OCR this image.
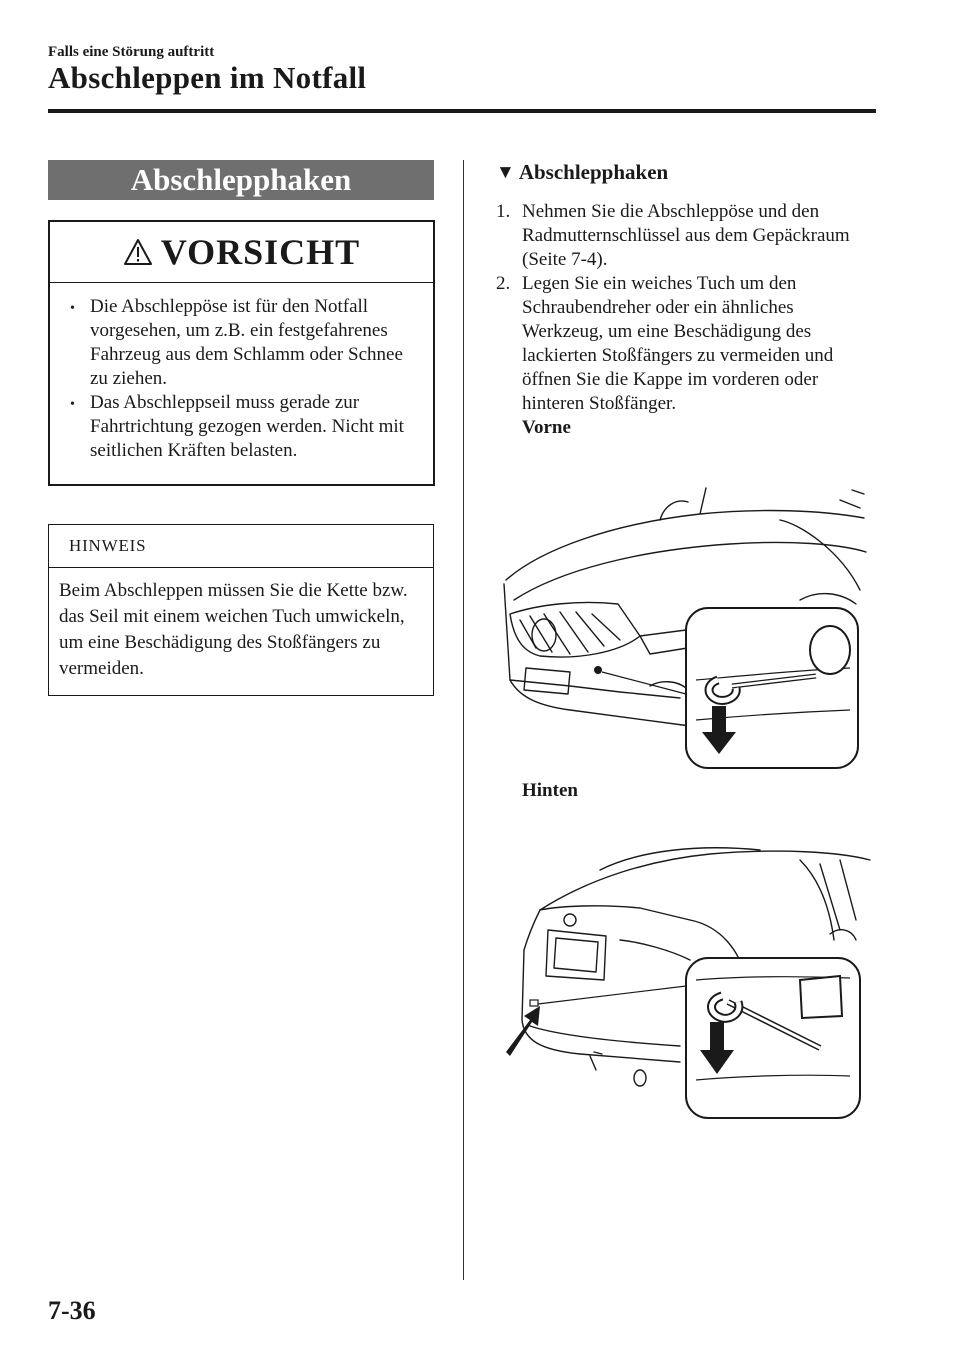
Falls eine Störung auftritt
Abschleppen im Notfall
Abschlepphaken
VORSICHT
• Die Abschleppöse ist für den Notfall vorgesehen, um z.B. ein festgefahrenes Fahrzeug aus dem Schlamm oder Schnee zu ziehen.
• Das Abschleppseil muss gerade zur Fahrtrichtung gezogen werden. Nicht mit seitlichen Kräften belasten.
HINWEIS
Beim Abschleppen müssen Sie die Kette bzw. das Seil mit einem weichen Tuch umwickeln, um eine Beschädigung des Stoßfängers zu vermeiden.
▼ Abschlepphaken
1. Nehmen Sie die Abschleppöse und den Radmutternschlüssel aus dem Gepäckraum (Seite 7-4).
2. Legen Sie ein weiches Tuch um den Schraubendreher oder ein ähnliches Werkzeug, um eine Beschädigung des lackierten Stoßfängers zu vermeiden und öffnen Sie die Kappe im vorderen oder hinteren Stoßfänger.
Vorne
Hinten
7-36
